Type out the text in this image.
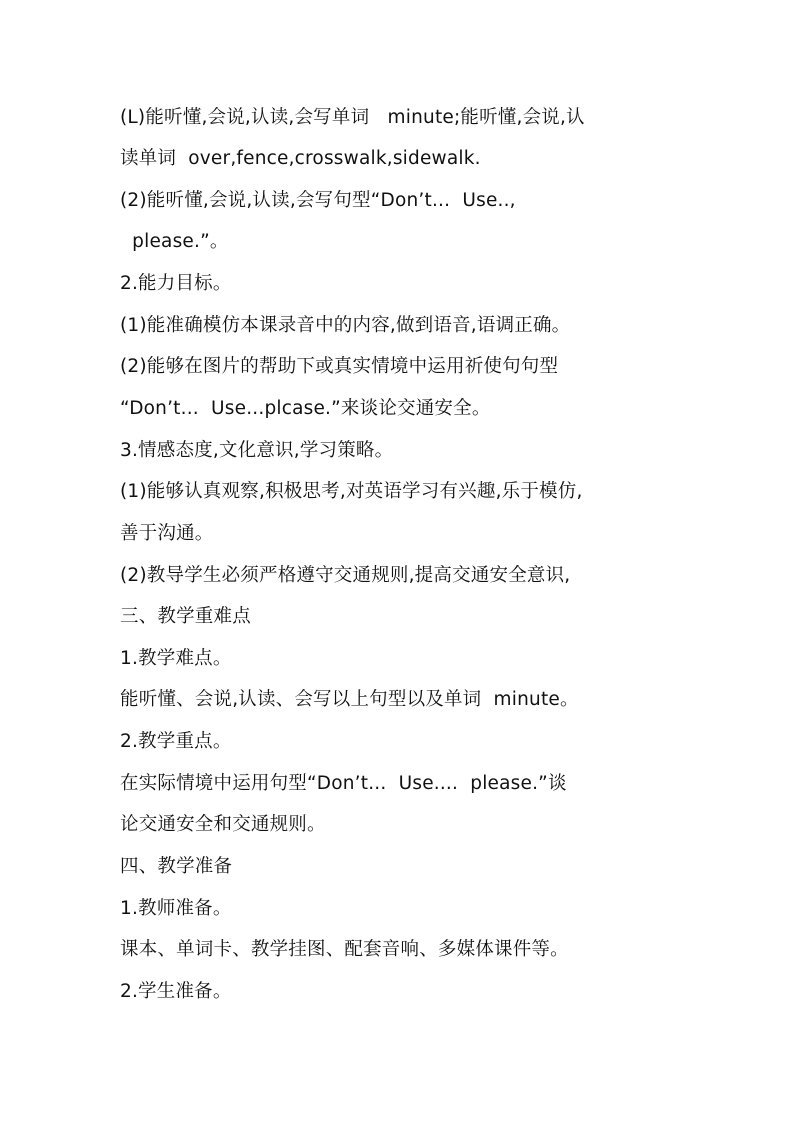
(L)能听懂,会说,认读,会写单词   minute;能听懂,会说,认
读单词  over,fence,crosswalk,sidewalk.
(2)能听懂,会说,认读,会写句型“Don’t...  Use..,
please.”。
2.能力目标。
(1)能准确模仿本课录音中的内容,做到语音,语调正确。
(2)能够在图片的帮助下或真实情境中运用祈使句句型
“Don’t...  Use...plcase.”来谈论交通安全。
3.情感态度,文化意识,学习策略。
(1)能够认真观察,积极思考,对英语学习有兴趣,乐于模仿,
善于沟通。
(2)教导学生必须严格遵守交通规则,提高交通安全意识,
三、教学重难点
1.教学难点。
能听懂、会说,认读、会写以上句型以及单词  minute。
2.教学重点。
在实际情境中运用句型“Don’t...  Use....  please.”谈
论交通安全和交通规则。
四、教学准备
1.教师准备。
课本、单词卡、教学挂图、配套音响、多媒体课件等。
2.学生准备。
